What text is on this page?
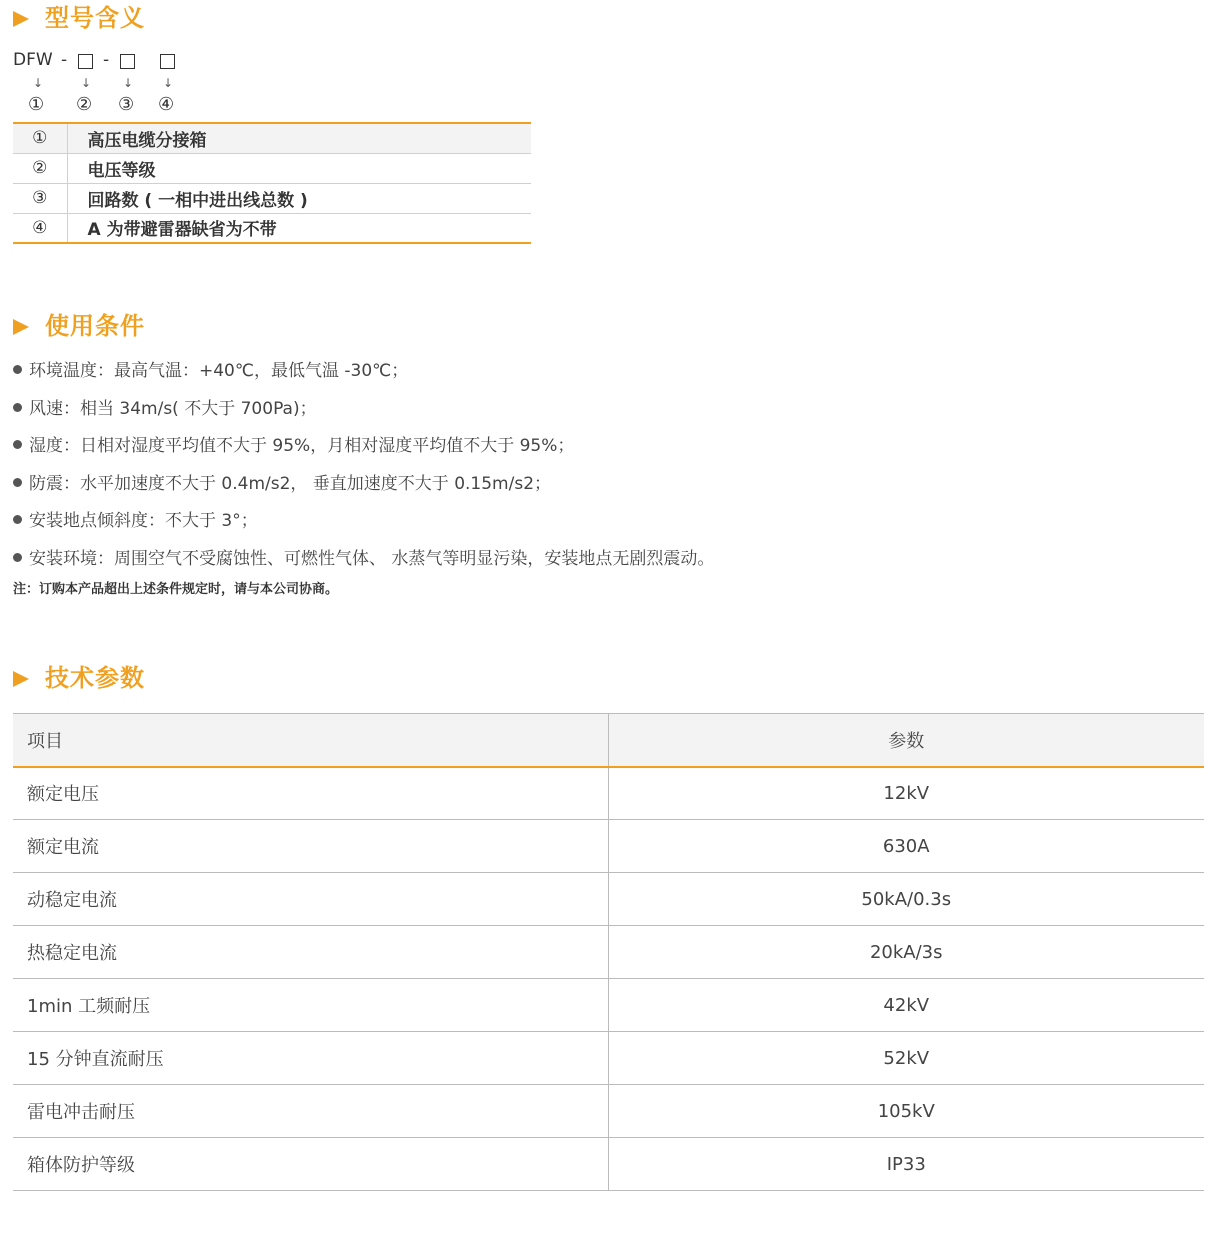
型号含义
DFW - -
↓	↓	↓ ↓
① ② ③ ④
①	高压电缆分接箱
②	电压等级
③	回路数 ( 一相中进出线总数 )
④	A 为带避雷器缺省为不带
使用条件
环境温度：最高气温：+40℃，最低气温 -30℃；
风速：相当 34m/s( 不大于 700Pa)；
湿度：日相对湿度平均值不大于 95%，月相对湿度平均值不大于 95%；
防震：水平加速度不大于 0.4m/s2， 垂直加速度不大于 0.15m/s2；
安装地点倾斜度：不大于 3°；
安装环境：周围空气不受腐蚀性、可燃性气体、 水蒸气等明显污染，安装地点无剧烈震动。
注：订购本产品超出上述条件规定时，请与本公司协商。
技术参数
项目	参数
额定电压	12kV
额定电流	630A
动稳定电流	50kA/0.3s
热稳定电流	20kA/3s
1min 工频耐压	42kV
15 分钟直流耐压	52kV
雷电冲击耐压	105kV
箱体防护等级	IP33
